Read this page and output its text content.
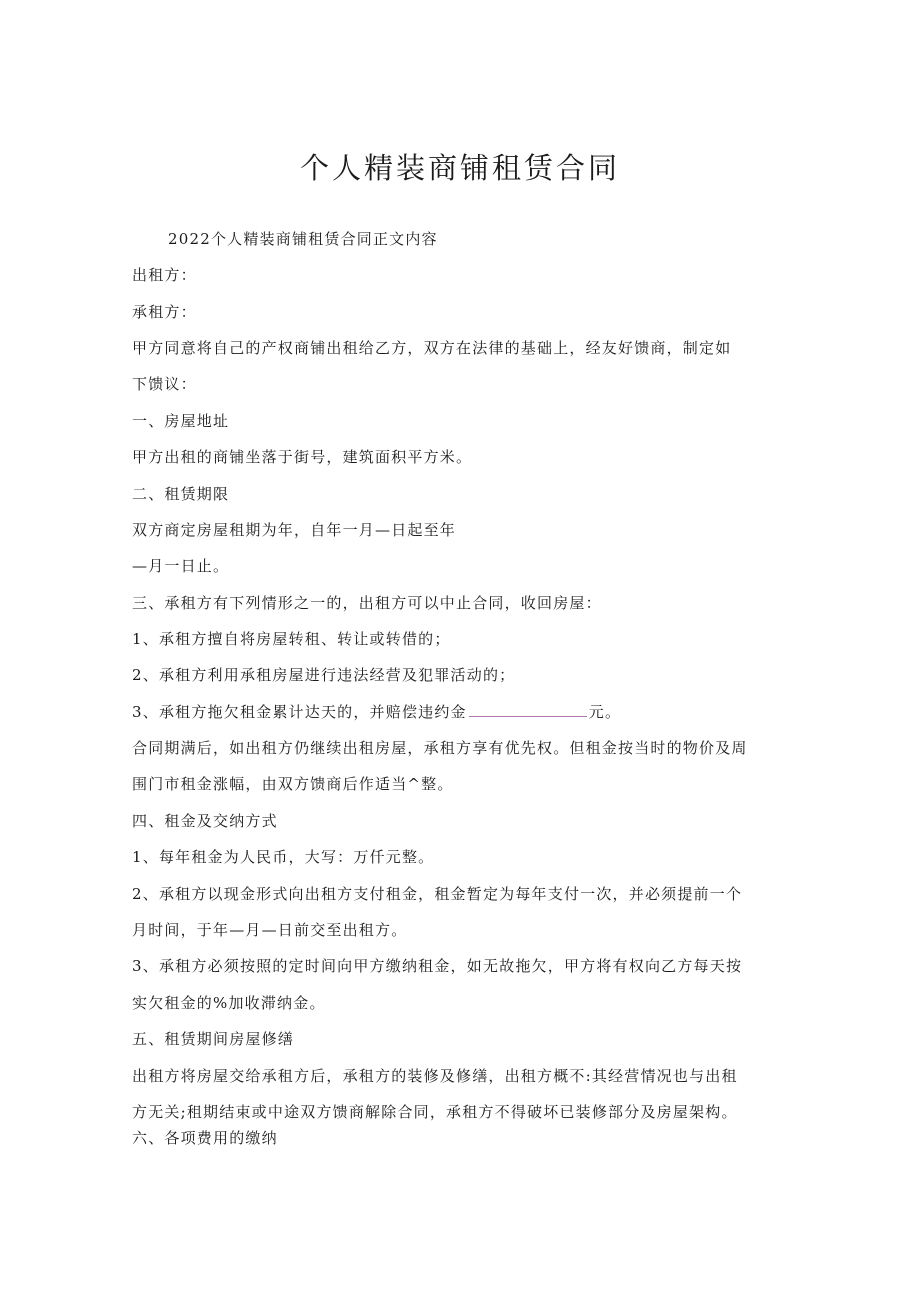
个人精装商铺租赁合同
2022个人精装商铺租赁合同正文内容
出租方：
承租方：
甲方同意将自己的产权商铺出租给乙方，双方在法律的基础上，经友好馈商，制定如
下馈议：
一、房屋地址
甲方出租的商铺坐落于街号，建筑面积平方米。
二、租赁期限
双方商定房屋租期为年，自年一月—日起至年
—月一日止。
三、承租方有下列情形之一的，出租方可以中止合同，收回房屋：
1、承租方擅自将房屋转租、转让或转借的；
2、承租方利用承租房屋进行违法经营及犯罪活动的；
3、承租方拖欠租金累计达天的，并赔偿违约金	元。
合同期满后，如出租方仍继续出租房屋，承租方享有优先权。但租金按当时的物价及周
围门市租金涨幅，由双方馈商后作适当^整。
四、租金及交纳方式
1、每年租金为人民币，大写：万仟元整。
2、承租方以现金形式向出租方支付租金，租金暂定为每年支付一次，并必须提前一个
月时间，于年—月—日前交至出租方。
3、承租方必须按照的定时间向甲方缴纳租金，如无故拖欠，甲方将有权向乙方每天按
实欠租金的%加收滞纳金。
五、租赁期间房屋修缮
出租方将房屋交给承租方后，承租方的装修及修缮，出租方概不:其经营情况也与出租
方无关;租期结束或中途双方馈商解除合同，承租方不得破坏已装修部分及房屋架构。
六、各项费用的缴纳
